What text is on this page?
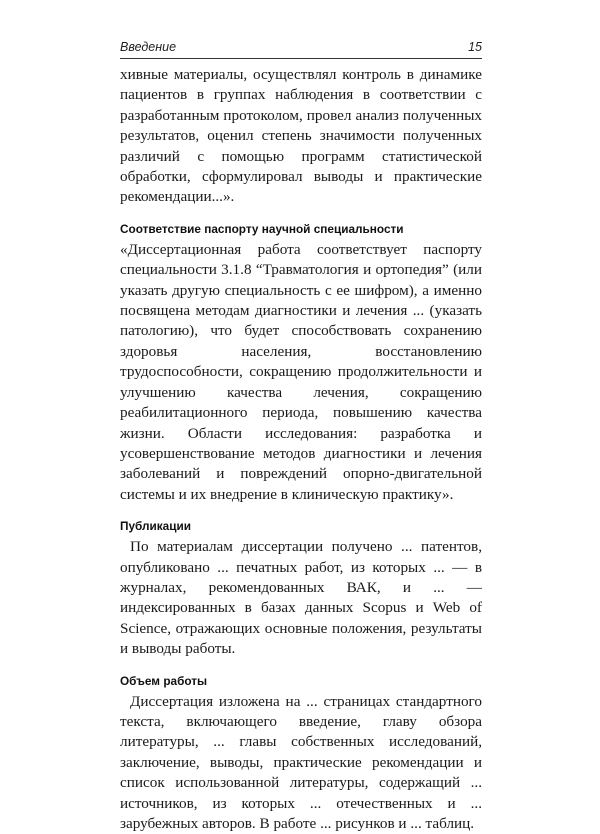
Введение	15

хивные материалы, осуществлял контроль в динамике пациентов в группах наблюдения в соответствии с разработанным протоколом, провел анализ полученных результатов, оценил степень значимости полученных различий с помощью программ статистической обработки, сформулировал выводы и практические рекомендации...».

Соответствие паспорту научной специальности

«Диссертационная работа соответствует паспорту специальности 3.1.8 “Травматология и ортопедия” (или указать другую специальность с ее шифром), а именно посвящена методам диагностики и лечения ... (указать патологию), что будет способствовать сохранению здоровья населения, восстановлению трудоспособности, сокращению продолжительности и улучшению качества лечения, сокращению реабилитационного периода, повышению качества жизни. Области исследования: разработка и усовершенствование методов диагностики и лечения заболеваний и повреждений опорно-двигательной системы и их внедрение в клиническую практику».

Публикации

По материалам диссертации получено ... патентов, опубликовано ... печатных работ, из которых ... — в журналах, рекомендованных ВАК, и ... — индексированных в базах данных Scopus и Web of Science, отражающих основные положения, результаты и выводы работы.

Объем работы

Диссертация изложена на ... страницах стандартного текста, включающего введение, главу обзора литературы, ... главы собственных исследований, заключение, выводы, практические рекомендации и список использованной литературы, содержащий ... источников, из которых ... отечественных и ... зарубежных авторов. В работе ... рисунков и ... таблиц.
